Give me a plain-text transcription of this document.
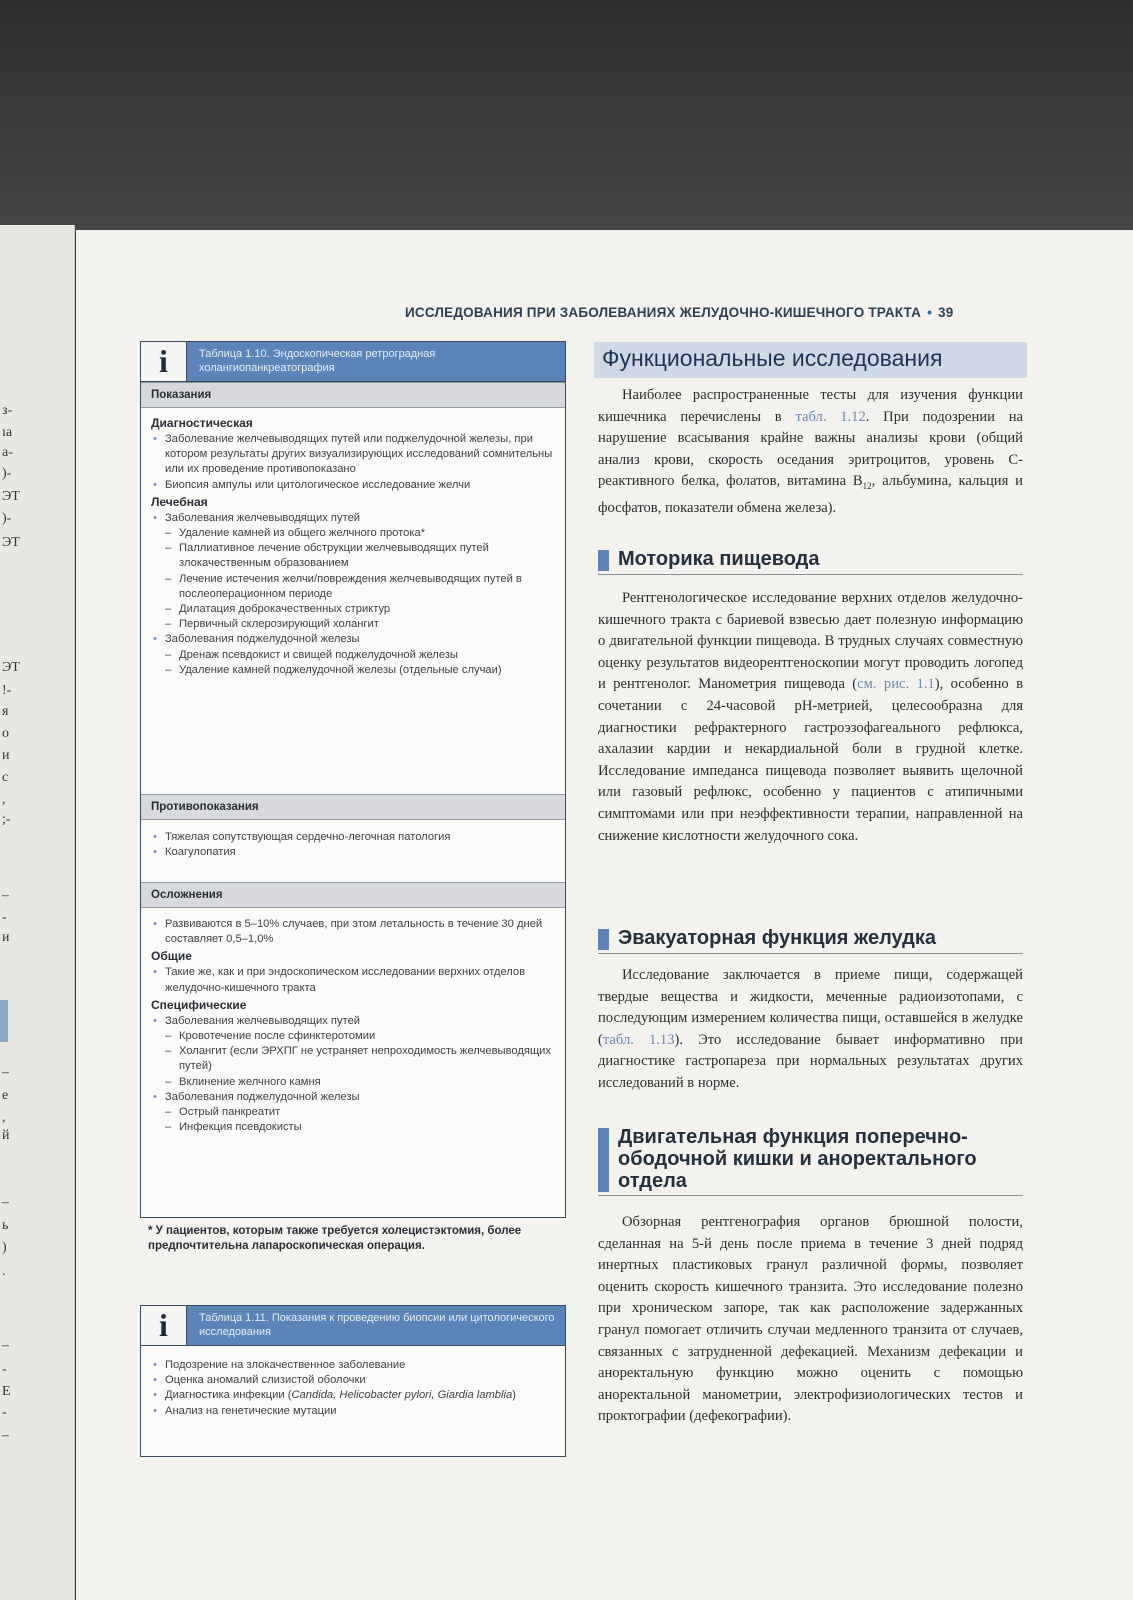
з-
ıа
а-
)-
ЭТ
)-
ЭТ
ЭТ
!-
я
о
и
с
,
;-
–
-
и
–
е
,
й
–
ь
)
.
–
-
Е
-
–
ИССЛЕДОВАНИЯ ПРИ ЗАБОЛЕВАНИЯХ ЖЕЛУДОЧНО-КИШЕЧНОГО ТРАКТА • 39
i	Таблица 1.10. Эндоскопическая ретроградная холангиопанкреатография
Показания
Диагностическая
• Заболевание желчевыводящих путей или поджелудочной железы, при котором результаты других визуализирующих исследований сомнительны или их проведение противопоказано
• Биопсия ампулы или цитологическое исследование желчи
Лечебная
• Заболевания желчевыводящих путей
– Удаление камней из общего желчного протока*
– Паллиативное лечение обструкции желчевыводящих путей злокачественным образованием
– Лечение истечения желчи/повреждения желчевыводящих путей в послеоперационном периоде
– Дилатация доброкачественных стриктур
– Первичный склерозирующий холангит
• Заболевания поджелудочной железы
– Дренаж псевдокист и свищей поджелудочной железы
– Удаление камней поджелудочной железы (отдельные случаи)
Противопоказания
• Тяжелая сопутствующая сердечно-легочная патология
• Коагулопатия
Осложнения
• Развиваются в 5–10% случаев, при этом летальность в течение 30 дней составляет 0,5–1,0%
Общие
• Такие же, как и при эндоскопическом исследовании верхних отделов желудочно-кишечного тракта
Специфические
• Заболевания желчевыводящих путей
– Кровотечение после сфинктеротомии
– Холангит (если ЭРХПГ не устраняет непроходимость желчевыводящих путей)
– Вклинение желчного камня
• Заболевания поджелудочной железы
– Острый панкреатит
– Инфекция псевдокисты
* У пациентов, которым также требуется холецистэктомия, более предпочтительна лапароскопическая операция.
i	Таблица 1.11. Показания к проведению биопсии или цитологического исследования
• Подозрение на злокачественное заболевание
• Оценка аномалий слизистой оболочки
• Диагностика инфекции (Candida, Helicobacter pylori, Giardia lamblia)
• Анализ на генетические мутации
Функциональные исследования
Наиболее распространенные тесты для изучения функции кишечника перечислены в табл. 1.12. При подозрении на нарушение всасывания крайне важны анализы крови (общий анализ крови, скорость оседания эритроцитов, уровень С-реактивного белка, фолатов, витамина $B_{12}$, альбумина, кальция и фосфатов, показатели обмена железа).
Моторика пищевода
Рентгенологическое исследование верхних отделов желудочно-кишечного тракта с бариевой взвесью дает полезную информацию о двигательной функции пищевода. В трудных случаях совместную оценку результатов видеорентгеноскопии могут проводить логопед и рентгенолог. Манометрия пищевода (см. рис. 1.1), особенно в сочетании с 24-часовой pH-метрией, целесообразна для диагностики рефрактерного гастроэзофагеального рефлюкса, ахалазии кардии и некардиальной боли в грудной клетке. Исследование импеданса пищевода позволяет выявить щелочной или газовый рефлюкс, особенно у пациентов с атипичными симптомами или при неэффективности терапии, направленной на снижение кислотности желудочного сока.
Эвакуаторная функция желудка
Исследование заключается в приеме пищи, содержащей твердые вещества и жидкости, меченные радиоизотопами, с последующим измерением количества пищи, оставшейся в желудке (табл. 1.13). Это исследование бывает информативно при диагностике гастропареза при нормальных результатах других исследований в норме.
Двигательная функция поперечно-ободочной кишки и аноректального отдела
Обзорная рентгенография органов брюшной полости, сделанная на 5-й день после приема в течение 3 дней подряд инертных пластиковых гранул различной формы, позволяет оценить скорость кишечного транзита. Это исследование полезно при хроническом запоре, так как расположение задержанных гранул помогает отличить случаи медленного транзита от случаев, связанных с затрудненной дефекацией. Механизм дефекации и аноректальную функцию можно оценить с помощью аноректальной манометрии, электрофизиологических тестов и проктографии (дефекографии).
